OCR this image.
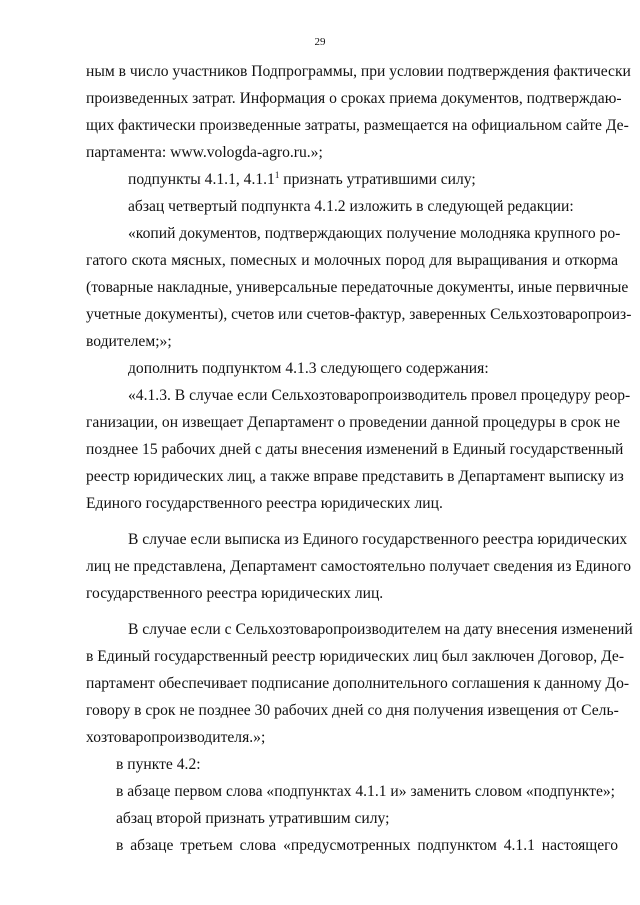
29
ным в число участников Подпрограммы, при условии подтверждения фактически
произведенных затрат. Информация о сроках приема документов, подтверждаю-
щих фактически произведенные затраты, размещается на официальном сайте Де-
партамента: www.vologda-agro.ru.»;
подпункты 4.1.1, 4.1.1$^1$ признать утратившими силу;
абзац четвертый подпункта 4.1.2 изложить в следующей редакции:
«копий документов, подтверждающих получение молодняка крупного ро-
гатого скота мясных, помесных и молочных пород для выращивания и откорма
(товарные накладные, универсальные передаточные документы, иные первичные
учетные документы), счетов или счетов-фактур, заверенных Сельхозтоваропроиз-
водителем;»;
дополнить подпунктом 4.1.3 следующего содержания:
«4.1.3. В случае если Сельхозтоваропроизводитель провел процедуру реор-
ганизации, он извещает Департамент о проведении данной процедуры в срок не
позднее 15 рабочих дней с даты внесения изменений в Единый государственный
реестр юридических лиц, а также вправе представить в Департамент выписку из
Единого государственного реестра юридических лиц.
В случае если выписка из Единого государственного реестра юридических
лиц не представлена, Департамент самостоятельно получает сведения из Единого
государственного реестра юридических лиц.
В случае если с Сельхозтоваропроизводителем на дату внесения изменений
в Единый государственный реестр юридических лиц был заключен Договор, Де-
партамент обеспечивает подписание дополнительного соглашения к данному До-
говору в срок не позднее 30 рабочих дней со дня получения извещения от Сель-
хозтоваропроизводителя.»;
в пункте 4.2:
в абзаце первом слова «подпунктах 4.1.1 и» заменить словом «подпункте»;
абзац второй признать утратившим силу;
в абзаце третьем слова «предусмотренных подпунктом 4.1.1 настоящего
